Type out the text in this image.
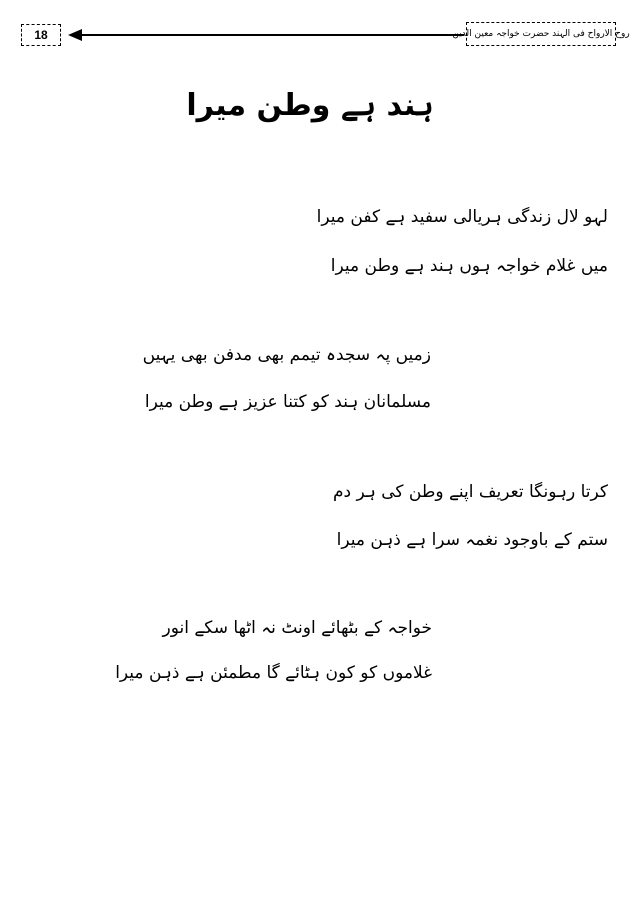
18	روح الارواح فی الہند حضرت خواجہ معین الدین
ہند ہے وطن میرا
لہو لال زندگی ہریالی سفید ہے کفن میرا
میں غلام خواجہ ہوں ہند ہے وطن میرا
زمیں پہ سجدہ تیمم بھی مدفن بھی یہیں
مسلمانان ہند کو کتنا عزیز ہے وطن میرا
کرتا رہونگا تعریف اپنے وطن کی ہر دم
ستم کے باوجود نغمہ سرا ہے ذہن میرا
خواجہ کے بٹھائے اونٹ نہ اٹھا سکے انور
غلاموں کو کون ہٹائے گا مطمئن ہے ذہن میرا
